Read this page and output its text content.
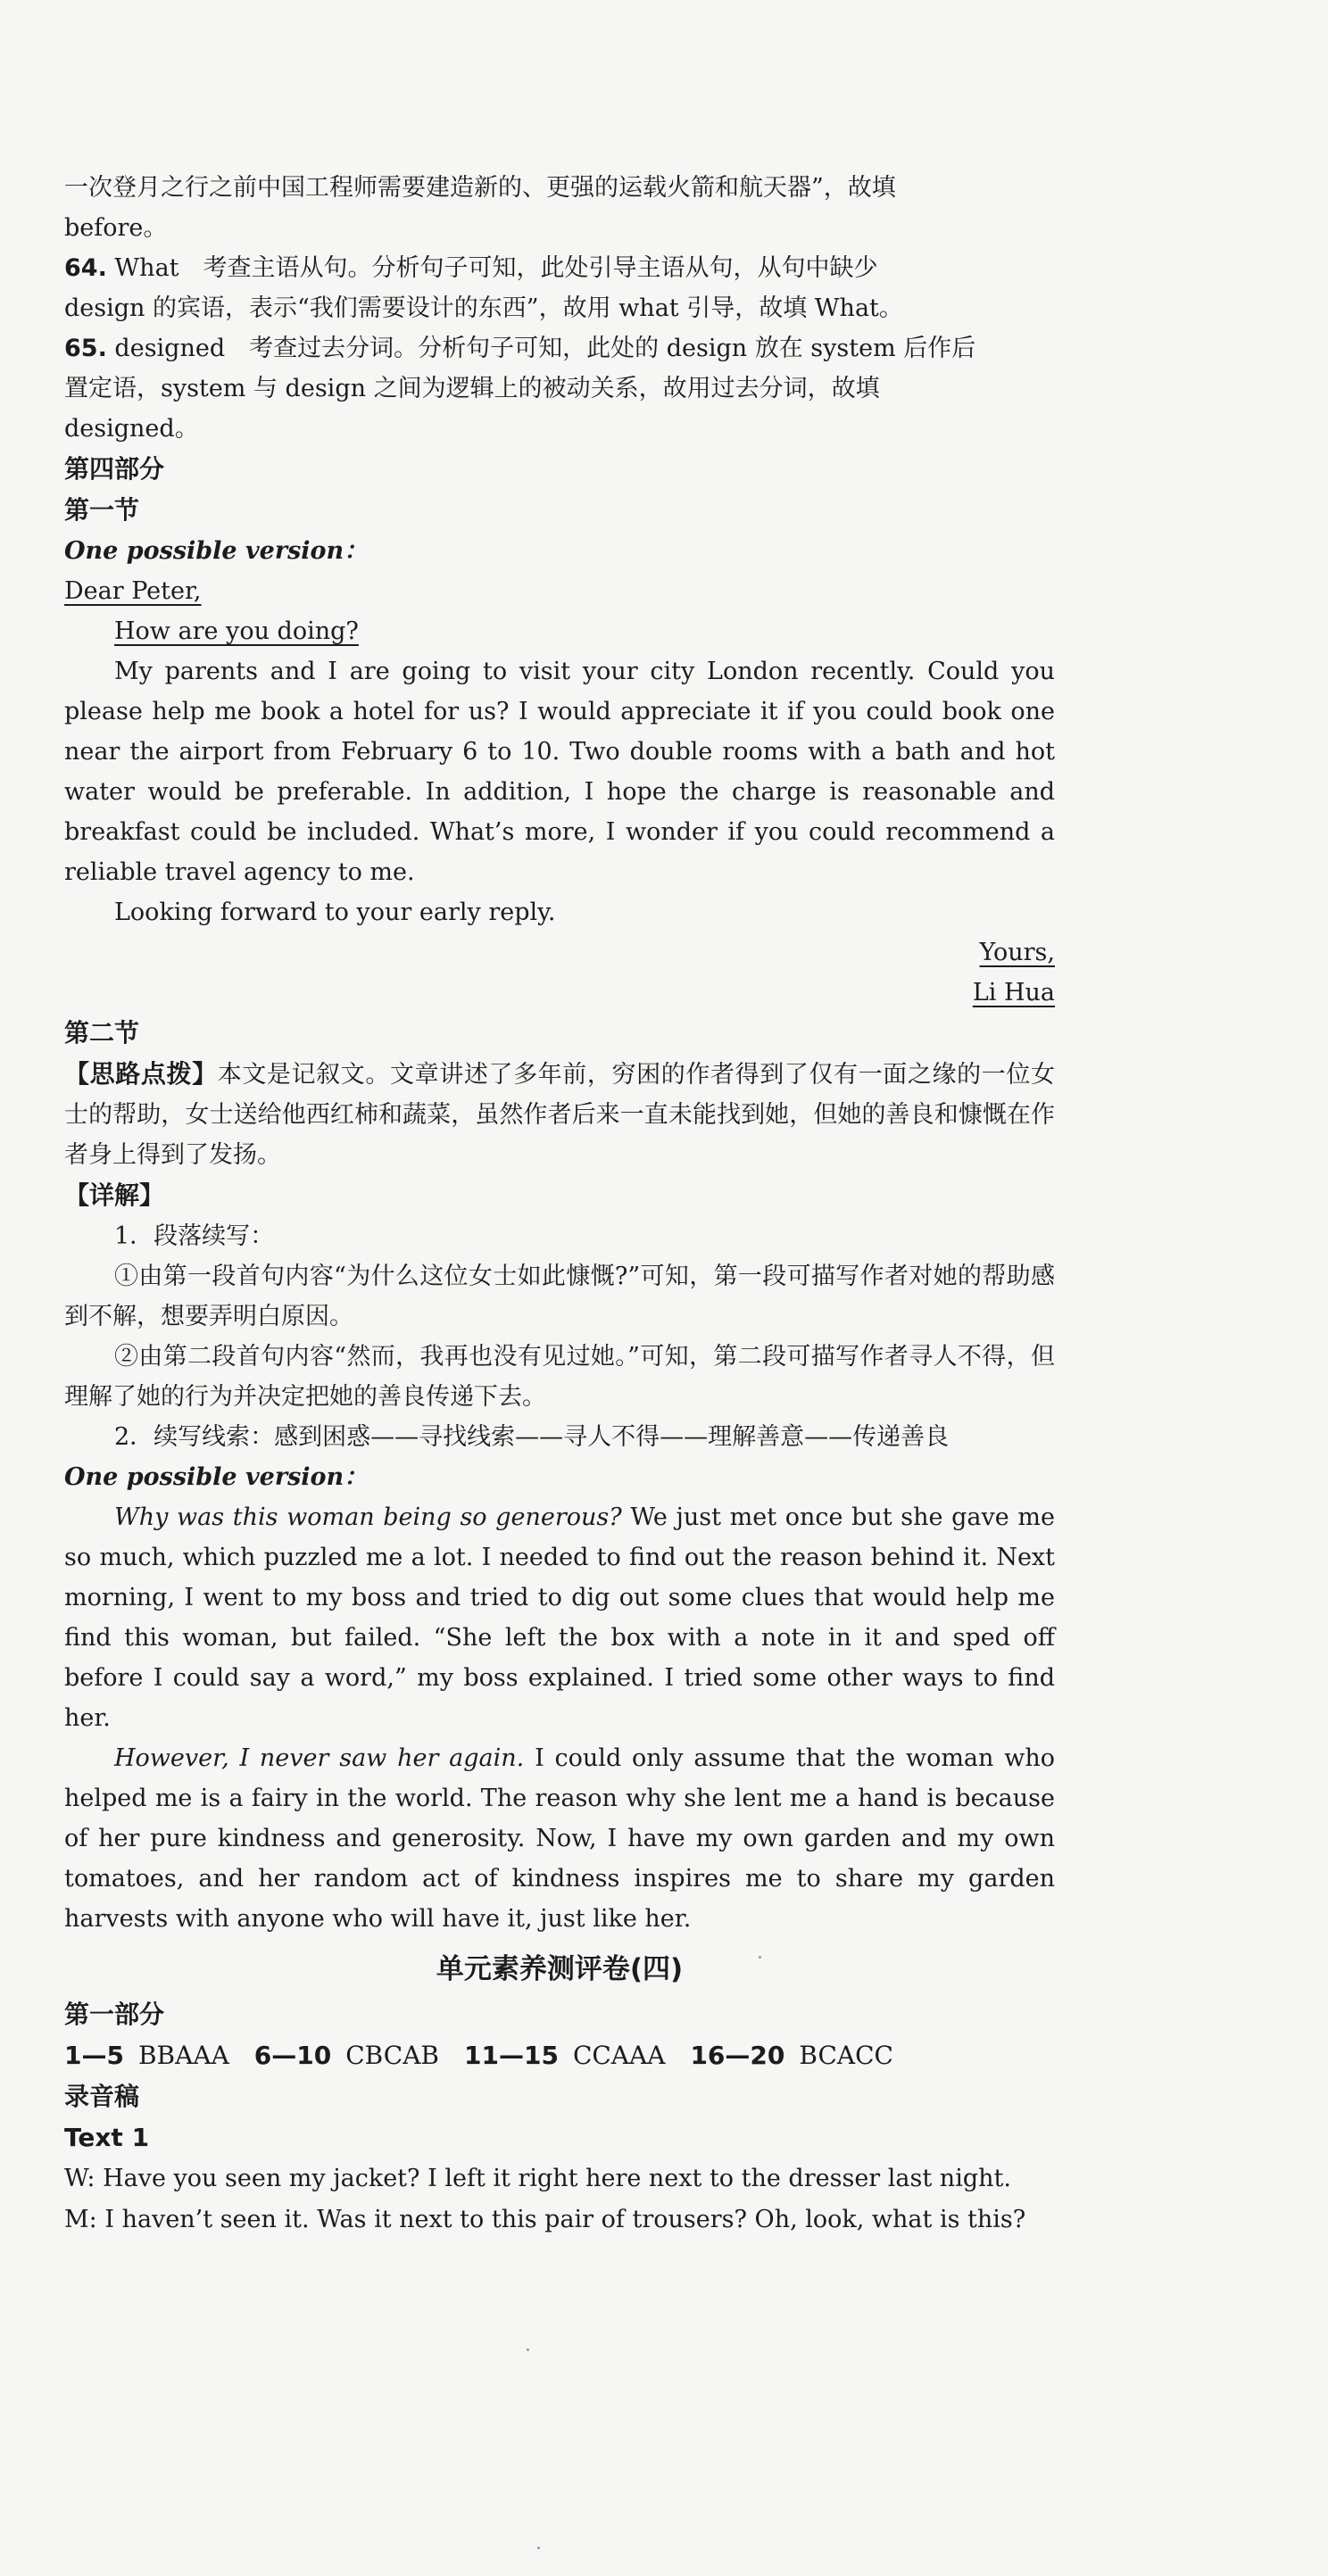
一次登月之行之前中国工程师需要建造新的、更强的运载火箭和航天器”，故填
before。
64. What　考查主语从句。分析句子可知，此处引导主语从句，从句中缺少
design 的宾语，表示“我们需要设计的东西”，故用 what 引导，故填 What。
65. designed　考查过去分词。分析句子可知，此处的 design 放在 system 后作后
置定语，system 与 design 之间为逻辑上的被动关系，故用过去分词，故填
designed。
第四部分
第一节
One possible version：
Dear Peter,
How are you doing?

My parents and I are going to visit your city London recently. Could you please help me book a hotel for us? I would appreciate it if you could book one near the airport from February 6 to 10. Two double rooms with a bath and hot water would be preferable. In addition, I hope the charge is reasonable and breakfast could be included. What’s more, I wonder if you could recommend a reliable travel agency to me.

Looking forward to your early reply.

Yours,
Li Hua
第二节

【思路点拨】本文是记叙文。文章讲述了多年前，穷困的作者得到了仅有一面之缘的一位女士的帮助，女士送给他西红柿和蔬菜，虽然作者后来一直未能找到她，但她的善良和慷慨在作者身上得到了发扬。

【详解】

1．段落续写：

①由第一段首句内容“为什么这位女士如此慷慨?”可知，第一段可描写作者对她的帮助感到不解，想要弄明白原因。

②由第二段首句内容“然而，我再也没有见过她。”可知，第二段可描写作者寻人不得，但理解了她的行为并决定把她的善良传递下去。

2．续写线索：感到困惑——寻找线索——寻人不得——理解善意——传递善良

One possible version：

Why was this woman being so generous? We just met once but she gave me so much, which puzzled me a lot. I needed to find out the reason behind it. Next morning, I went to my boss and tried to dig out some clues that would help me find this woman, but failed. “She left the box with a note in it and sped off before I could say a word,” my boss explained. I tried some other ways to find her.

However, I never saw her again. I could only assume that the woman who helped me is a fairy in the world. The reason why she lent me a hand is because of her pure kindness and generosity. Now, I have my own garden and my own tomatoes, and her random act of kindness inspires me to share my garden harvests with anyone who will have it, just like her.

单元素养测评卷(四)
第一部分
1—5 BBAAA 6—10 CBCAB 11—15 CCAAA 16—20 BCACC
录音稿
Text 1
W: Have you seen my jacket? I left it right here next to the dresser last night.
M: I haven’t seen it. Was it next to this pair of trousers? Oh, look, what is this?
